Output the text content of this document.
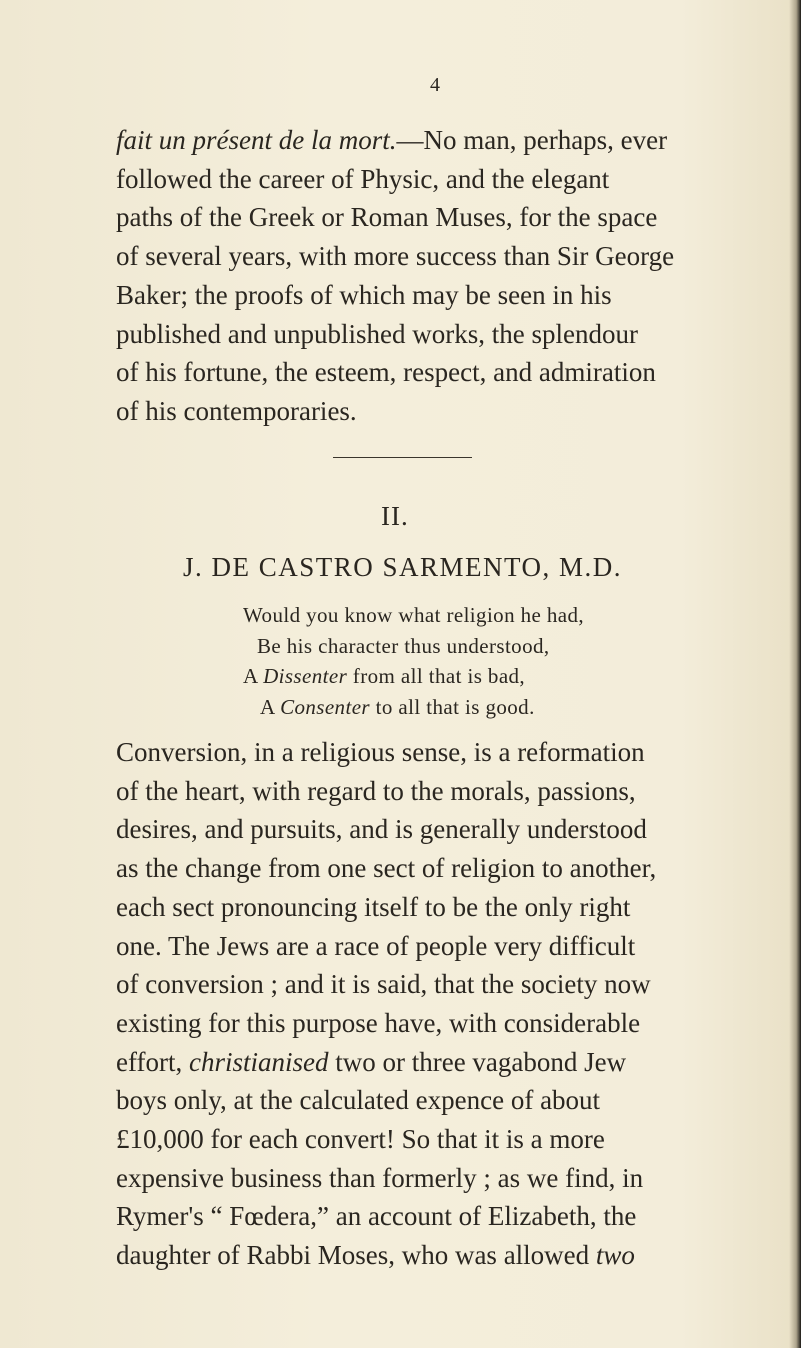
4

fait un présent de la mort.—No man, perhaps, ever

followed the career of Physic, and the elegant

paths of the Greek or Roman Muses, for the space

of several years, with more success than Sir George

Baker; the proofs of which may be seen in his

published and unpublished works, the splendour

of his fortune, the esteem, respect, and admiration

of his contemporaries.

II.
J. DE CASTRO SARMENTO, M.D.

Would you know what religion he had,

Be his character thus understood,

A Dissenter from all that is bad,

A Consenter to all that is good.

Conversion, in a religious sense, is a reformation

of the heart, with regard to the morals, passions,

desires, and pursuits, and is generally understood

as the change from one sect of religion to another,

each sect pronouncing itself to be the only right

one. The Jews are a race of people very difficult

of conversion ; and it is said, that the society now

existing for this purpose have, with considerable

effort, christianised two or three vagabond Jew

boys only, at the calculated expence of about

£10,000 for each convert! So that it is a more

expensive business than formerly ; as we find, in

Rymer's “ Fœdera,” an account of Elizabeth, the

daughter of Rabbi Moses, who was allowed two
